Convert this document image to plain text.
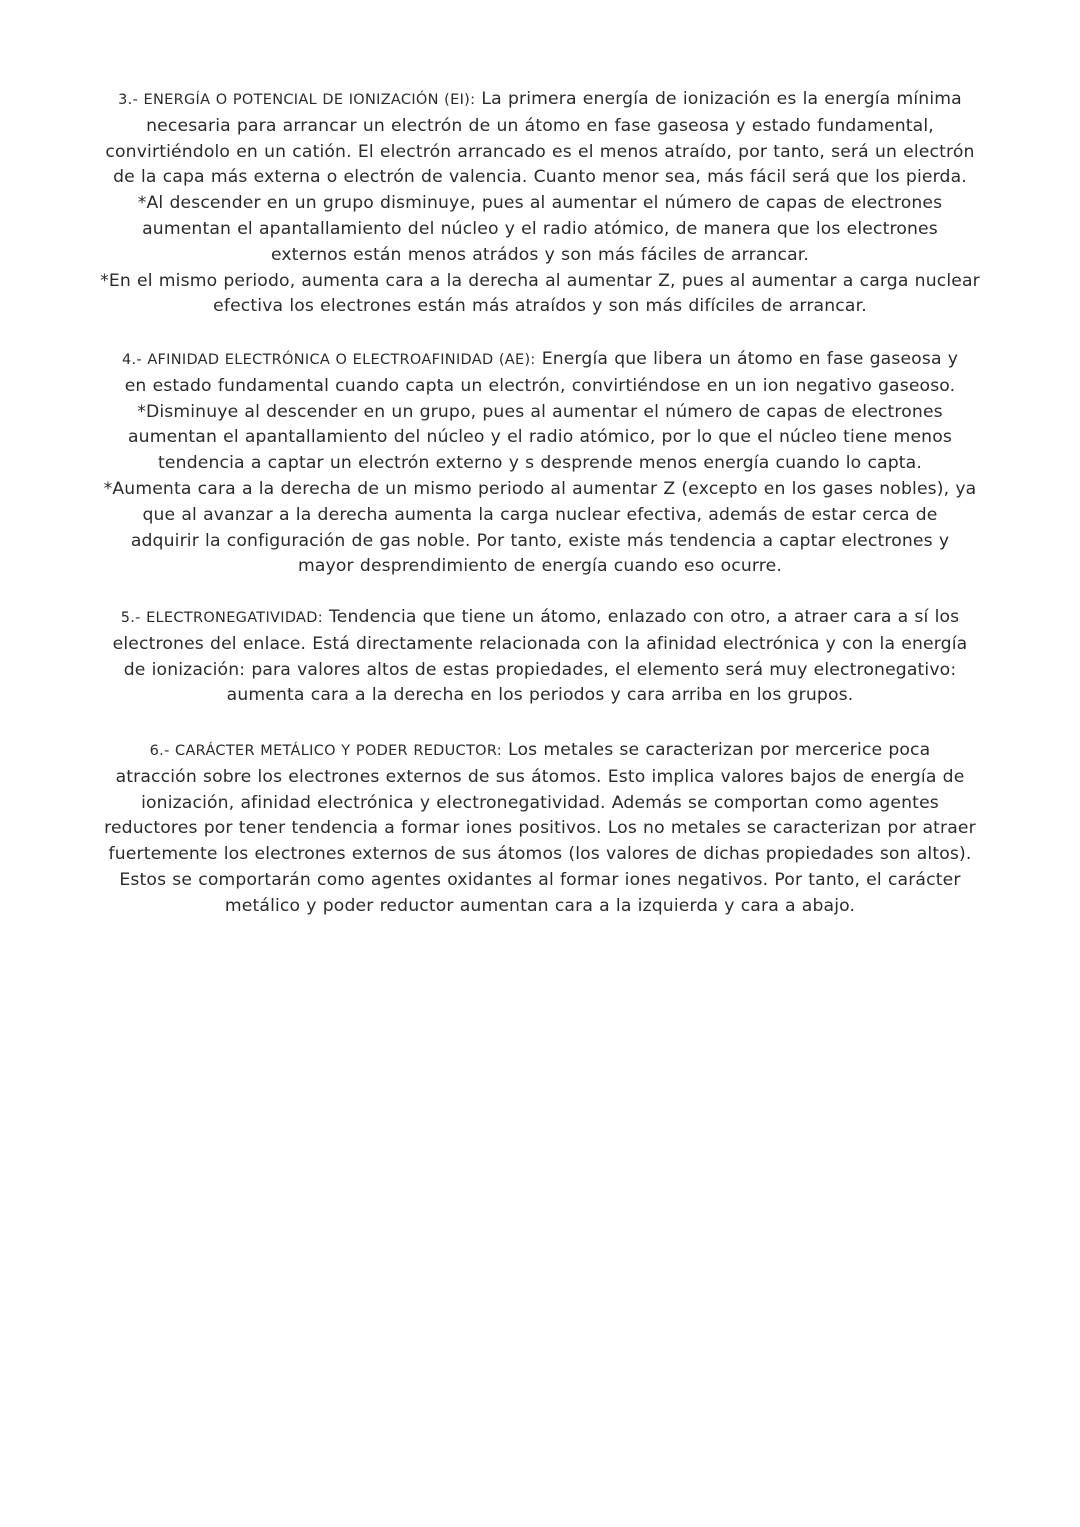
3.- ENERGÍA O POTENCIAL DE IONIZACIÓN (EI): La primera energía de ionización es la energía mínima
necesaria para arrancar un electrón de un átomo en fase gaseosa y estado fundamental,
convirtiéndolo en un catión. El electrón arrancado es el menos atraído, por tanto, será un electrón
de la capa más externa o electrón de valencia. Cuanto menor sea, más fácil será que los pierda.
*Al descender en un grupo disminuye, pues al aumentar el número de capas de electrones
aumentan el apantallamiento del núcleo y el radio atómico, de manera que los electrones
externos están menos atrádos y son más fáciles de arrancar.
*En el mismo periodo, aumenta cara a la derecha al aumentar Z, pues al aumentar a carga nuclear
efectiva los electrones están más atraídos y son más difíciles de arrancar.
4.- AFINIDAD ELECTRÓNICA O ELECTROAFINIDAD (AE): Energía que libera un átomo en fase gaseosa y
en estado fundamental cuando capta un electrón, convirtiéndose en un ion negativo gaseoso.
*Disminuye al descender en un grupo, pues al aumentar el número de capas de electrones
aumentan el apantallamiento del núcleo y el radio atómico, por lo que el núcleo tiene menos
tendencia a captar un electrón externo y s desprende menos energía cuando lo capta.
*Aumenta cara a la derecha de un mismo periodo al aumentar Z (excepto en los gases nobles), ya
que al avanzar a la derecha aumenta la carga nuclear efectiva, además de estar cerca de
adquirir la configuración de gas noble. Por tanto, existe más tendencia a captar electrones y
mayor desprendimiento de energía cuando eso ocurre.
5.- ELECTRONEGATIVIDAD: Tendencia que tiene un átomo, enlazado con otro, a atraer cara a sí los
electrones del enlace. Está directamente relacionada con la afinidad electrónica y con la energía
de ionización: para valores altos de estas propiedades, el elemento será muy electronegativo:
aumenta cara a la derecha en los periodos y cara arriba en los grupos.
6.- CARÁCTER METÁLICO Y PODER REDUCTOR: Los metales se caracterizan por mercerice poca
atracción sobre los electrones externos de sus átomos. Esto implica valores bajos de energía de
ionización, afinidad electrónica y electronegatividad. Además se comportan como agentes
reductores por tener tendencia a formar iones positivos. Los no metales se caracterizan por atraer
fuertemente los electrones externos de sus átomos (los valores de dichas propiedades son altos).
Estos se comportarán como agentes oxidantes al formar iones negativos. Por tanto, el carácter
metálico y poder reductor aumentan cara a la izquierda y cara a abajo.
